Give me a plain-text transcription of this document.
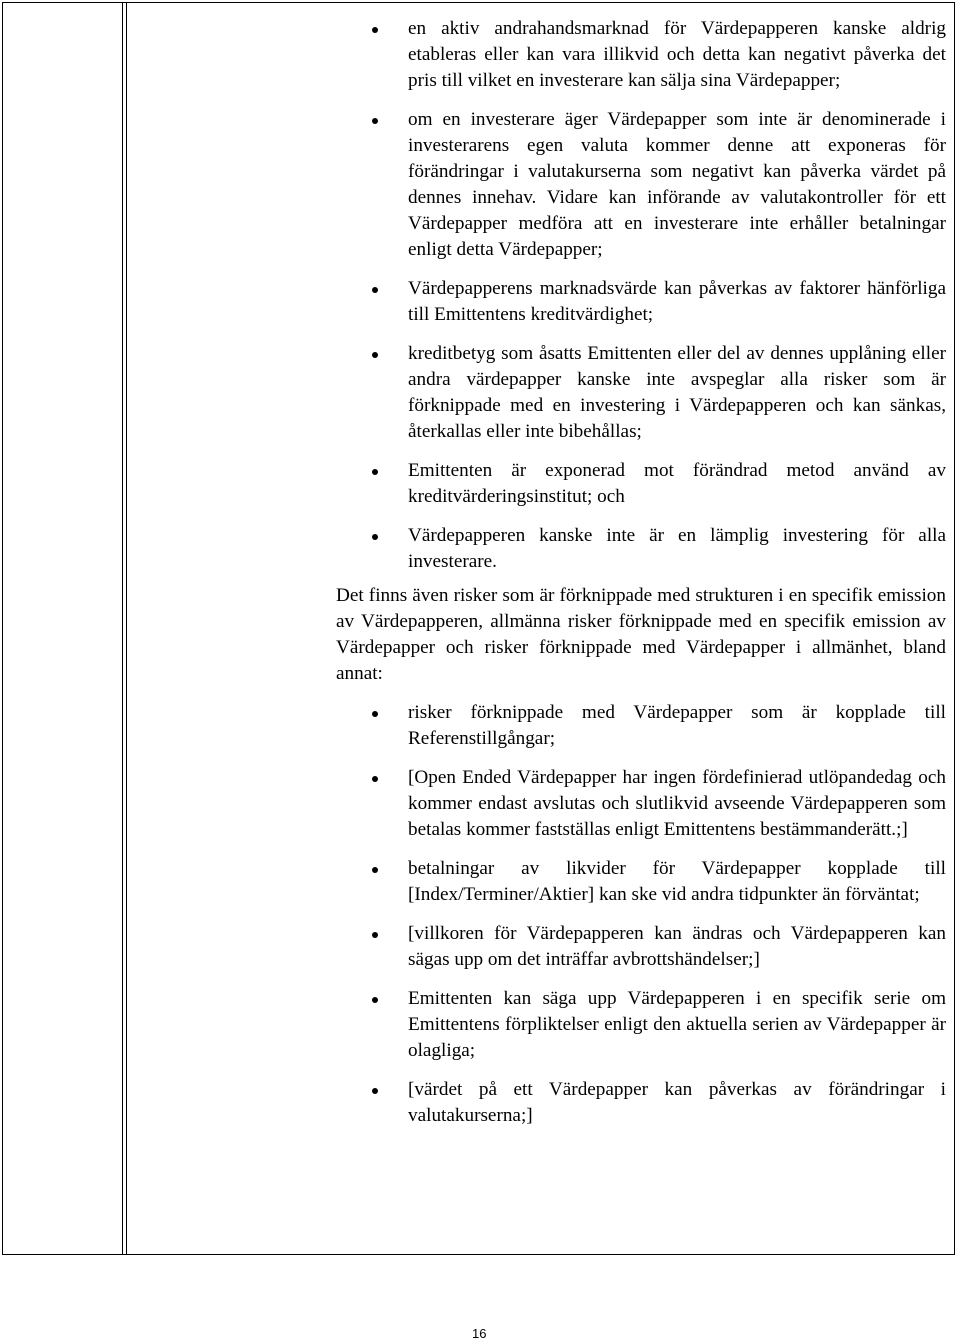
en aktiv andrahandsmarknad för Värdepapperen kanske aldrig etableras eller kan vara illikvid och detta kan negativt påverka det pris till vilket en investerare kan sälja sina Värdepapper;
om en investerare äger Värdepapper som inte är denominerade i investerarens egen valuta kommer denne att exponeras för förändringar i valutakurserna som negativt kan påverka värdet på dennes innehav. Vidare kan införande av valutakontroller för ett Värdepapper medföra att en investerare inte erhåller betalningar enligt detta Värdepapper;
Värdepapperens marknadsvärde kan påverkas av faktorer hänförliga till Emittentens kreditvärdighet;
kreditbetyg som åsatts Emittenten eller del av dennes upplåning eller andra värdepapper kanske inte avspeglar alla risker som är förknippade med en investering i Värdepapperen och kan sänkas, återkallas eller inte bibehållas;
Emittenten är exponerad mot förändrad metod använd av kreditvärderingsinstitut; och
Värdepapperen kanske inte är en lämplig investering för alla investerare.

Det finns även risker som är förknippade med strukturen i en specifik emission av Värdepapperen, allmänna risker förknippade med en specifik emission av Värdepapper och risker förknippade med Värdepapper i allmänhet, bland annat:

risker förknippade med Värdepapper som är kopplade till Referenstillgångar;
[Open Ended Värdepapper har ingen fördefinierad utlöpandedag och kommer endast avslutas och slutlikvid avseende Värdepapperen som betalas kommer fastställas enligt Emittentens bestämmanderätt.;]
betalningar av likvider för Värdepapper kopplade till [Index/Terminer/Aktier] kan ske vid andra tidpunkter än förväntat;
[villkoren för Värdepapperen kan ändras och Värdepapperen kan sägas upp om det inträffar avbrottshändelser;]
Emittenten kan säga upp Värdepapperen i en specifik serie om Emittentens förpliktelser enligt den aktuella serien av Värdepapper är olagliga;
[värdet på ett Värdepapper kan påverkas av förändringar i valutakurserna;]
16
